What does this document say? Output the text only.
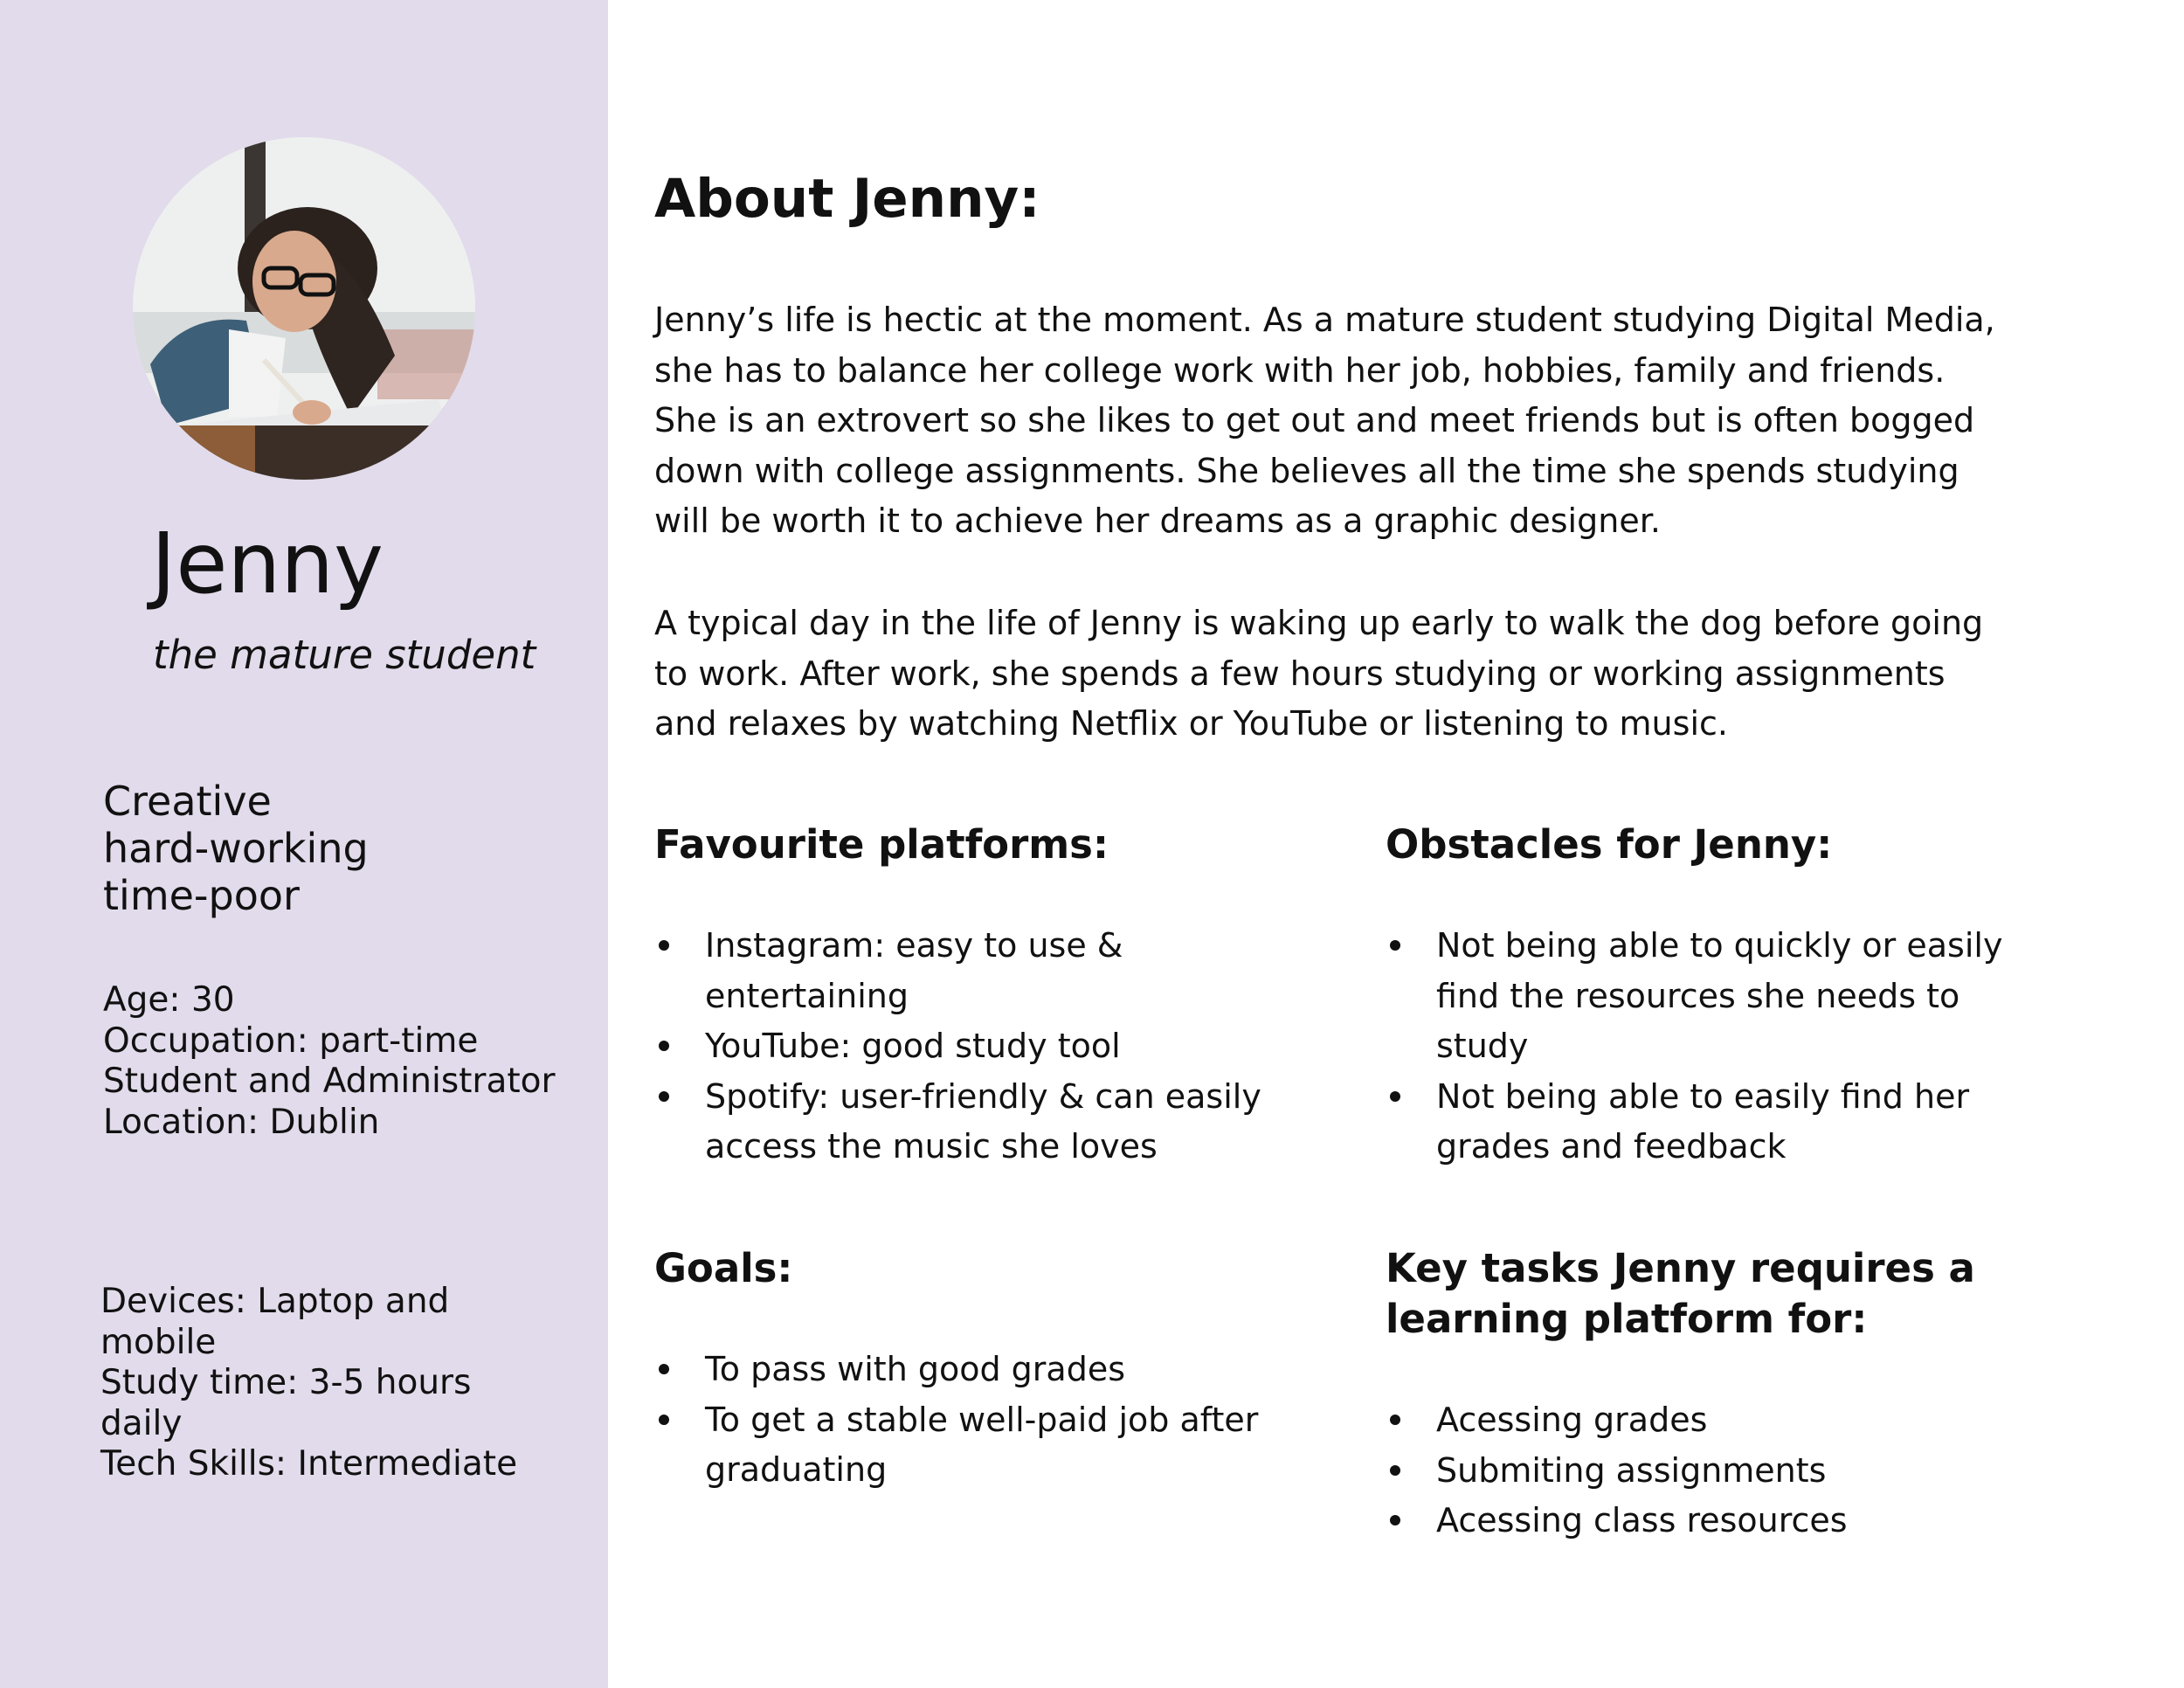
Jenny

the mature student

Creative
hard-working
time-poor
Age: 30
Occupation: part-time
Student and Administrator
Location: Dublin
Devices: Laptop and
mobile
Study time: 3-5 hours
daily
Tech Skills: Intermediate
About Jenny:

Jenny’s life is hectic at the moment. As a mature student studying Digital Media,
she has to balance her college work with her job, hobbies, family and friends.
She is an extrovert so she likes to get out and meet friends but is often bogged
down with college assignments. She believes all the time she spends studying
will be worth it to achieve her dreams as a graphic designer.

A typical day in the life of Jenny is waking up early to walk the dog before going
to work. After work, she spends a few hours studying or working assignments
and relaxes by watching Netflix or YouTube or listening to music.

Favourite platforms:
Instagram: easy to use &
entertaining
YouTube: good study tool
Spotify: user-friendly & can easily
access the music she loves
Obstacles for Jenny:
Not being able to quickly or easily
find the resources she needs to
study
Not being able to easily find her
grades and feedback
Goals:
To pass with good grades
To get a stable well-paid job after
graduating
Key tasks Jenny requires a
learning platform for:
Acessing grades
Submiting assignments
Acessing class resources
